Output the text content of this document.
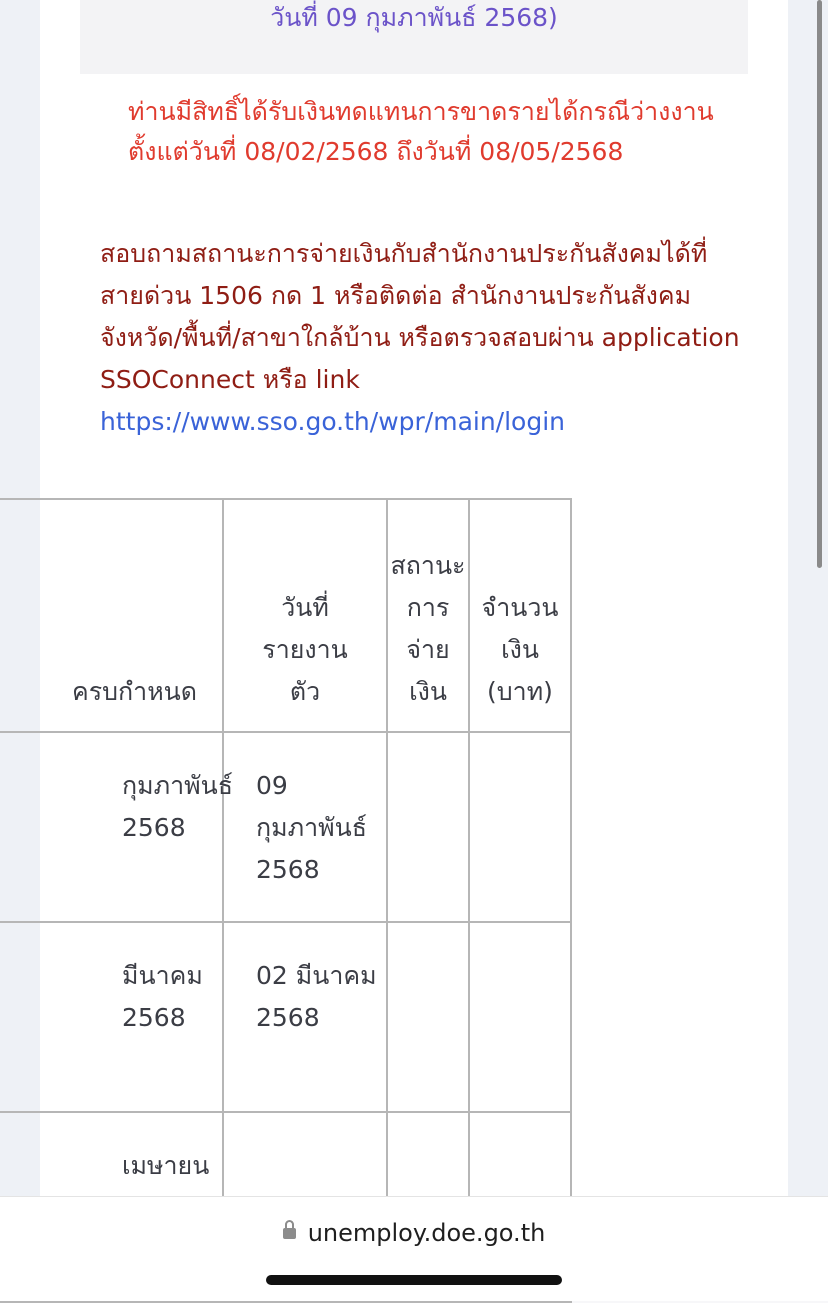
วันที่ 09 กุมภาพันธ์ 2568)
ท่านมีสิทธิ์ได้รับเงินทดแทนการขาดรายได้กรณีว่างงาน ตั้งแต่วันที่ 08/02/2568 ถึงวันที่ 08/05/2568
สอบถามสถานะการจ่ายเงินกับสำนักงานประกันสังคมได้ที่สายด่วน 1506 กด 1 หรือติดต่อ สำนักงานประกันสังคมจังหวัด/พื้นที่/สาขาใกล้บ้าน หรือตรวจสอบผ่าน application SSOConnect หรือ link https://www.sso.go.th/wpr/main/login
ครบกำหนด	วันที่รายงานตัว	สถานะการจ่ายเงิน	จำนวนเงิน (บาท)

กุมภาพันธ์ 2568	09 กุมภาพันธ์ 2568		

มีนาคม 2568	02 มีนาคม 2568		

เมษายน			

unemploy.doe.go.th
